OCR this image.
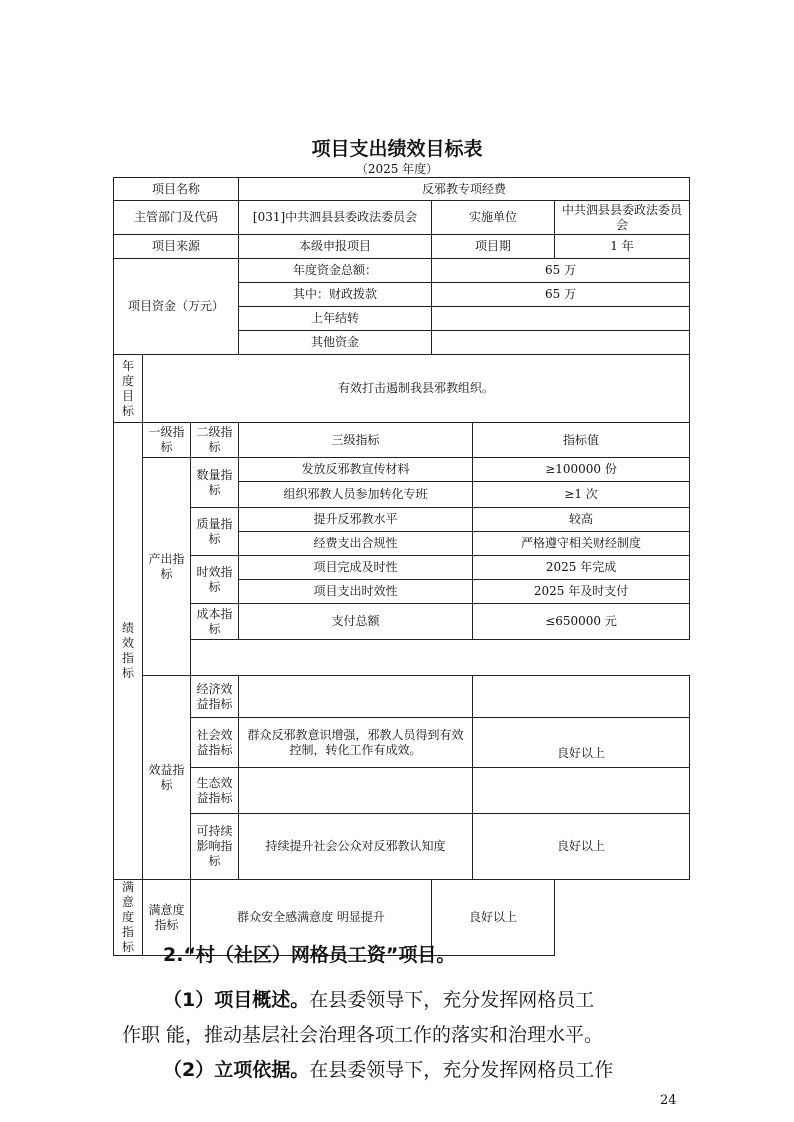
项目支出绩效目标表
（2025 年度）
项目名称			反邪教专项经费			
主管部门及代码			[031]中共泗县县委政法委员会	实施单位		中共泗县县委政法委员会
项目来源			本级申报项目	项目期		1 年
项目资金（万元）			年度资金总额：	65 万		
			其中：财政拨款	65 万		
			上年结转			
			其他资金			
年度目标	有效打击遏制我县邪教组织。					
绩效指标	一级指标	二级指标	三级指标		指标值	
	产出指标	数量指标	发放反邪教宣传材料		≥100000 份	
			组织邪教人员参加转化专班		≥1 次	
		质量指标	提升反邪教水平		较高	
			经费支出合规性		严格遵守相关财经制度	
		时效指标	项目完成及时性		2025 年完成	
			项目支出时效性		2025 年及时支付	
		成本指标	支付总额		≤650000 元	

	效益指标	经济效益指标				
		社会效益指标	群众反邪教意识增强，邪教人员得到有效控制，转化工作有成效。		良好以上	
		生态效益指标				
		可持续影响指标	持续提升社会公众对反邪教认知度		良好以上	
满意度指标	满意度指标	群众安全感满意度 明显提升		良好以上		
2.“村（社区）网格员工资”项目。
（1）项目概述。在县委领导下，充分发挥网格员工
作职 能，推动基层社会治理各项工作的落实和治理水平。
（2）立项依据。在县委领导下，充分发挥网格员工作
24
